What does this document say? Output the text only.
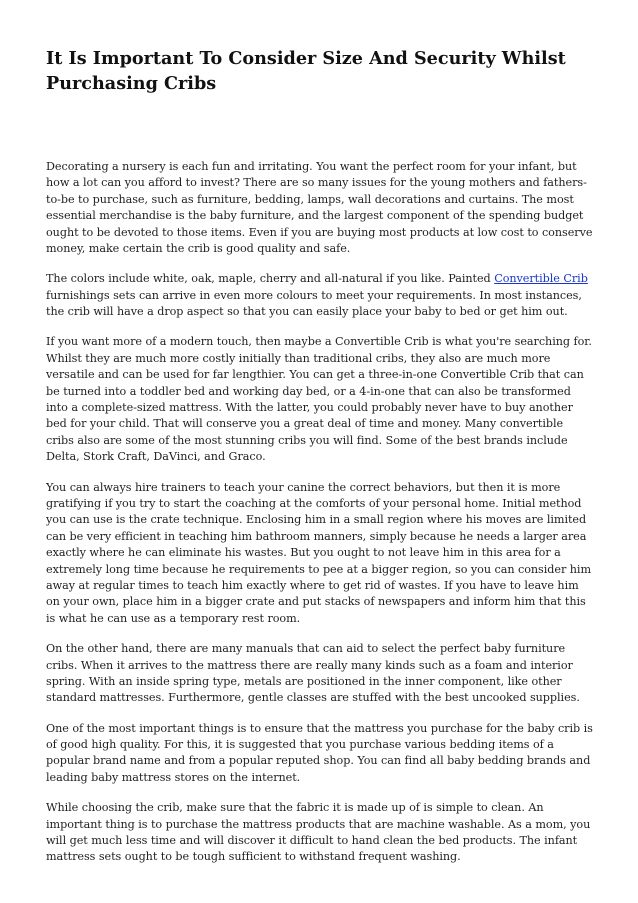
It Is Important To Consider Size And Security Whilst Purchasing Cribs

Decorating a nursery is each fun and irritating. You want the perfect room for your infant, but how a lot can you afford to invest? There are so many issues for the young mothers and fathers-to-be to purchase, such as furniture, bedding, lamps, wall decorations and curtains. The most essential merchandise is the baby furniture, and the largest component of the spending budget ought to be devoted to those items. Even if you are buying most products at low cost to conserve money, make certain the crib is good quality and safe.

The colors include white, oak, maple, cherry and all-natural if you like. Painted Convertible Crib furnishings sets can arrive in even more colours to meet your requirements. In most instances, the crib will have a drop aspect so that you can easily place your baby to bed or get him out.

If you want more of a modern touch, then maybe a Convertible Crib is what you're searching for. Whilst they are much more costly initially than traditional cribs, they also are much more versatile and can be used for far lengthier. You can get a three-in-one Convertible Crib that can be turned into a toddler bed and working day bed, or a 4-in-one that can also be transformed into a complete-sized mattress. With the latter, you could probably never have to buy another bed for your child. That will conserve you a great deal of time and money. Many convertible cribs also are some of the most stunning cribs you will find. Some of the best brands include Delta, Stork Craft, DaVinci, and Graco.

You can always hire trainers to teach your canine the correct behaviors, but then it is more gratifying if you try to start the coaching at the comforts of your personal home. Initial method you can use is the crate technique. Enclosing him in a small region where his moves are limited can be very efficient in teaching him bathroom manners, simply because he needs a larger area exactly where he can eliminate his wastes. But you ought to not leave him in this area for a extremely long time because he requirements to pee at a bigger region, so you can consider him away at regular times to teach him exactly where to get rid of wastes. If you have to leave him on your own, place him in a bigger crate and put stacks of newspapers and inform him that this is what he can use as a temporary rest room.

On the other hand, there are many manuals that can aid to select the perfect baby furniture cribs. When it arrives to the mattress there are really many kinds such as a foam and interior spring. With an inside spring type, metals are positioned in the inner component, like other standard mattresses. Furthermore, gentle classes are stuffed with the best uncooked supplies.

One of the most important things is to ensure that the mattress you purchase for the baby crib is of good high quality. For this, it is suggested that you purchase various bedding items of a popular brand name and from a popular reputed shop. You can find all baby bedding brands and leading baby mattress stores on the internet.

While choosing the crib, make sure that the fabric it is made up of is simple to clean. An important thing is to purchase the mattress products that are machine washable. As a mom, you will get much less time and will discover it difficult to hand clean the bed products. The infant mattress sets ought to be tough sufficient to withstand frequent washing.
